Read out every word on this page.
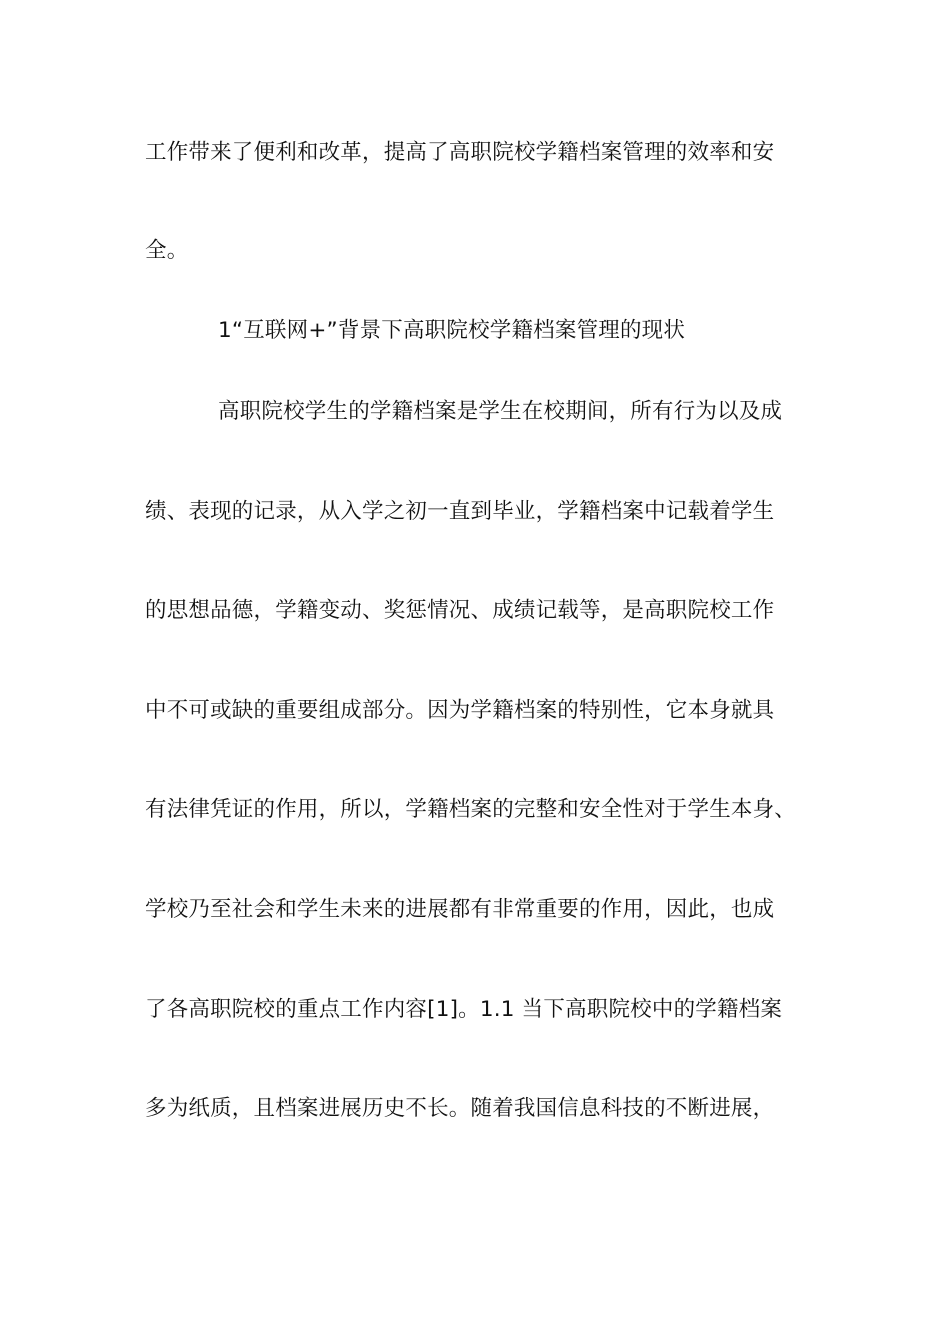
工作带来了便利和改革，提高了高职院校学籍档案管理的效率和安
全。
1“互联网+”背景下高职院校学籍档案管理的现状
高职院校学生的学籍档案是学生在校期间，所有行为以及成
绩、表现的记录，从入学之初一直到毕业，学籍档案中记载着学生
的思想品德，学籍变动、奖惩情况、成绩记载等，是高职院校工作
中不可或缺的重要组成部分。因为学籍档案的特别性，它本身就具
有法律凭证的作用，所以，学籍档案的完整和安全性对于学生本身、
学校乃至社会和学生未来的进展都有非常重要的作用，因此，也成
了各高职院校的重点工作内容[1]。1.1 当下高职院校中的学籍档案
多为纸质，且档案进展历史不长。随着我国信息科技的不断进展，
